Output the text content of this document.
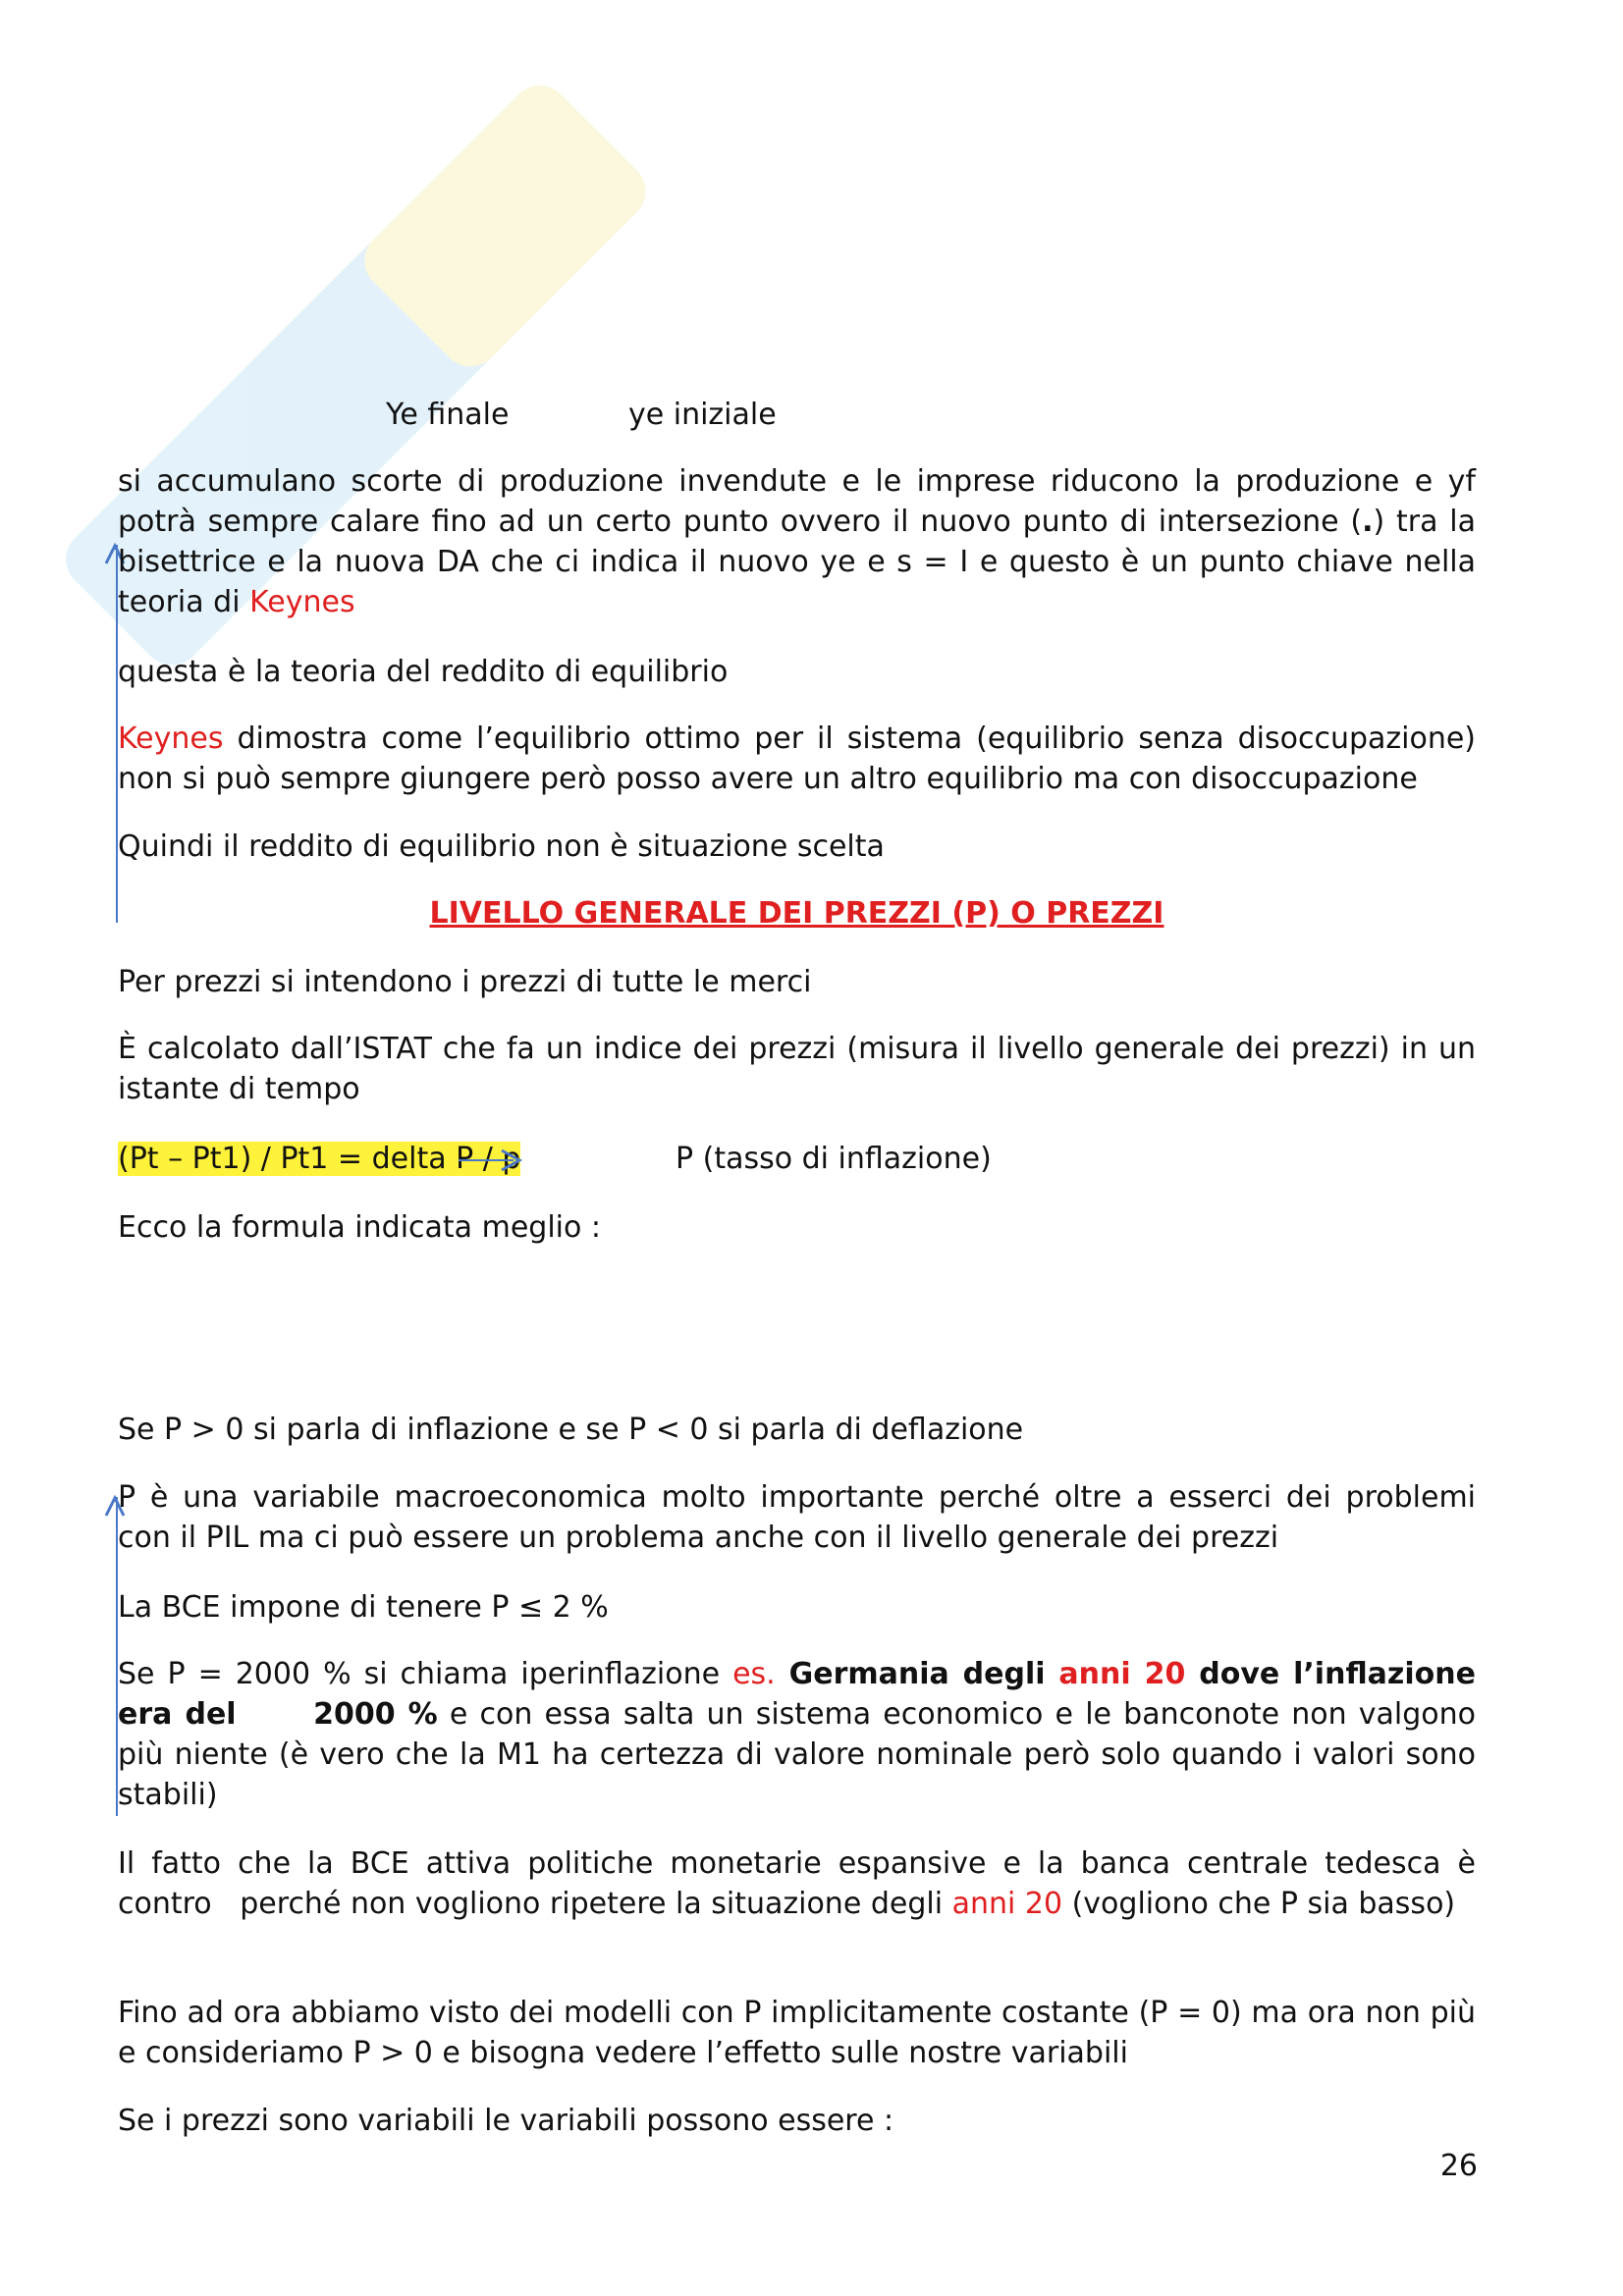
Ye finale	ye iniziale

si accumulano scorte di produzione invendute e le imprese riducono la produzione e yf potrà sempre calare fino ad un certo punto ovvero il nuovo punto di intersezione (.) tra la bisettrice e la nuova DA che ci indica il nuovo ye e s = I e questo è un punto chiave nella teoria di Keynes

questa è la teoria del reddito di equilibrio

Keynes dimostra come l’equilibrio ottimo per il sistema (equilibrio senza disoccupazione) non si può sempre giungere però posso avere un altro equilibrio ma con disoccupazione

Quindi il reddito di equilibrio non è situazione scelta

LIVELLO GENERALE DEI PREZZI (P) O PREZZI

Per prezzi si intendono i prezzi di tutte le merci

È calcolato dall’ISTAT che fa un indice dei prezzi (misura il livello generale dei prezzi) in un istante di tempo

(Pt – Pt1) / Pt1 = delta P / p	P (tasso di inflazione)

Ecco la formula indicata meglio :

Se P > 0 si parla di inflazione e se P < 0 si parla di deflazione

P è una variabile macroeconomica molto importante perché oltre a esserci dei problemi con il PIL ma ci può essere un problema anche con il livello generale dei prezzi

La BCE impone di tenere P ≤ 2 %

Se P = 2000 % si chiama iperinflazione es. Germania degli anni 20 dove l’inflazione era del      2000 % e con essa salta un sistema economico e le banconote non valgono più niente (è vero che la M1 ha certezza di valore nominale però solo quando i valori sono stabili)

Il fatto che la BCE attiva politiche monetarie espansive e la banca centrale tedesca è contro   perché non vogliono ripetere la situazione degli anni 20 (vogliono che P sia basso)

Fino ad ora abbiamo visto dei modelli con P implicitamente costante (P = 0) ma ora non più e consideriamo P > 0 e bisogna vedere l’effetto sulle nostre variabili

Se i prezzi sono variabili le variabili possono essere :

26
